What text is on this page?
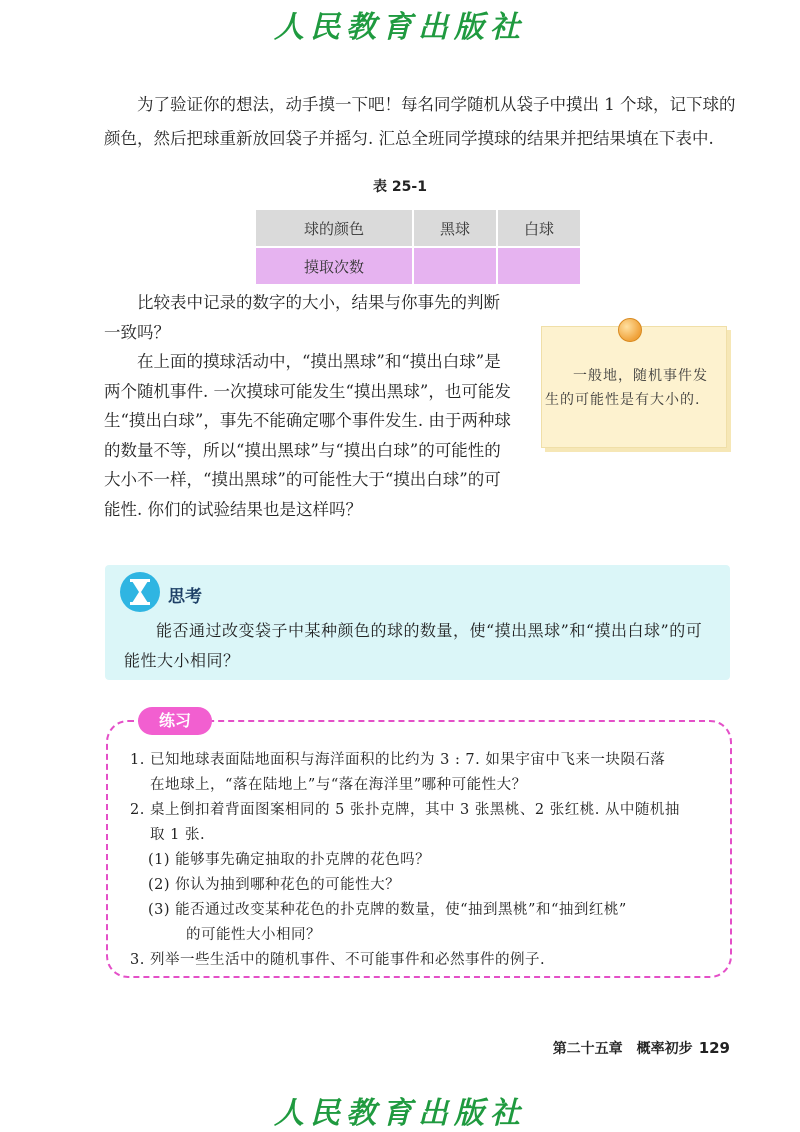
人民教育出版社

为了验证你的想法，动手摸一下吧！每名同学随机从袋子中摸出 1 个球，记下球的颜色，然后把球重新放回袋子并摇匀. 汇总全班同学摸球的结果并把结果填在下表中.

表 25-1
球的颜色	黑球	白球
摸取次数		

比较表中记录的数字的大小，结果与你事先的判断一致吗？

在上面的摸球活动中，“摸出黑球”和“摸出白球”是两个随机事件. 一次摸球可能发生“摸出黑球”，也可能发生“摸出白球”，事先不能确定哪个事件发生. 由于两种球的数量不等，所以“摸出黑球”与“摸出白球”的可能性的大小不一样，“摸出黑球”的可能性大于“摸出白球”的可能性. 你们的试验结果也是这样吗？

一般地，随机事件发生的可能性是有大小的.

思考

能否通过改变袋子中某种颜色的球的数量，使“摸出黑球”和“摸出白球”的可能性大小相同？

练习
1. 已知地球表面陆地面积与海洋面积的比约为 3 : 7. 如果宇宙中飞来一块陨石落
在地球上，“落在陆地上”与“落在海洋里”哪种可能性大？
2. 桌上倒扣着背面图案相同的 5 张扑克牌，其中 3 张黑桃、2 张红桃. 从中随机抽
取 1 张.
(1) 能够事先确定抽取的扑克牌的花色吗？
(2) 你认为抽到哪种花色的可能性大？
(3) 能否通过改变某种花色的扑克牌的数量，使“抽到黑桃”和“抽到红桃”
的可能性大小相同？
3. 列举一些生活中的随机事件、不可能事件和必然事件的例子.
第二十五章　概率初步 129
人民教育出版社
